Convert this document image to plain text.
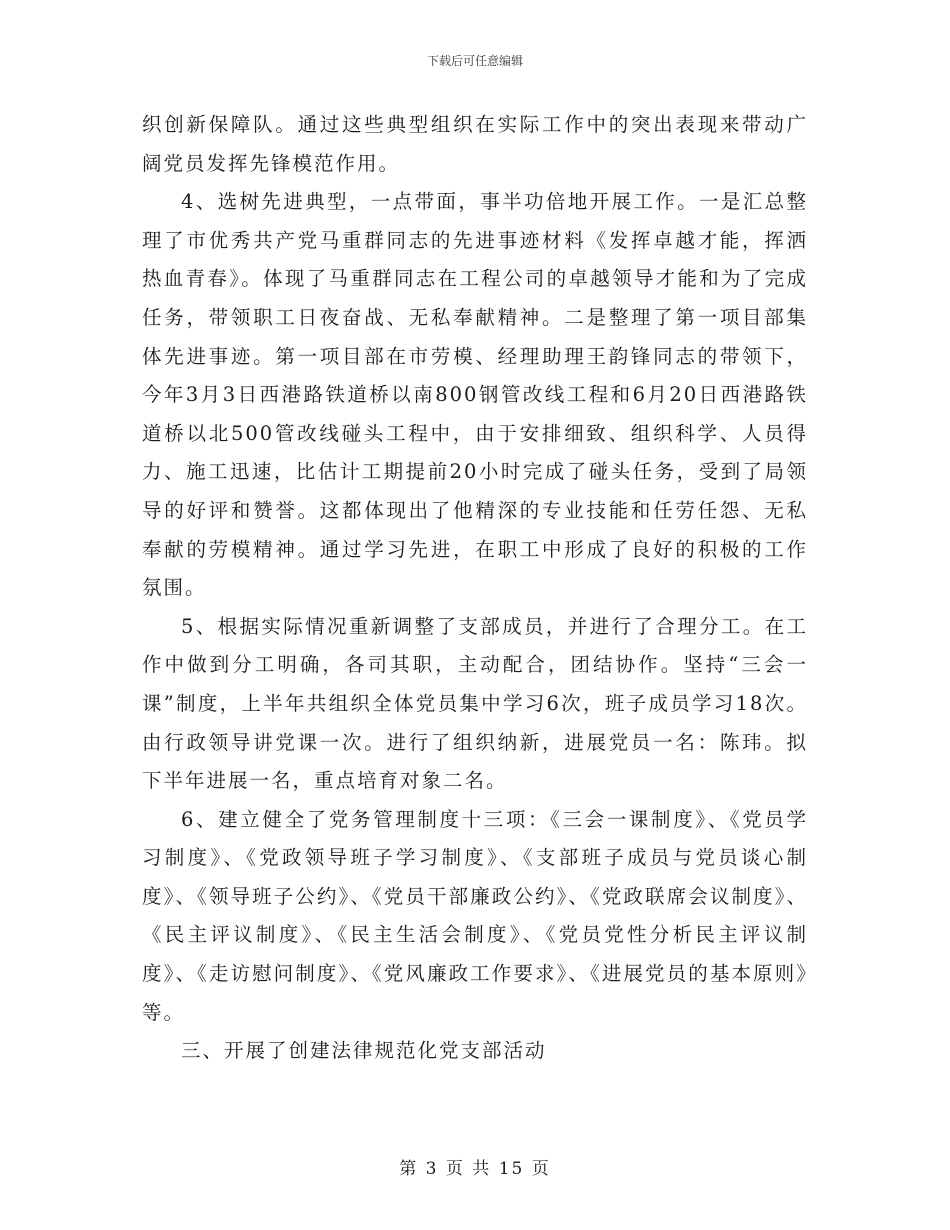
下载后可任意编辑

织创新保障队。通过这些典型组织在实际工作中的突出表现来带动广阔党员发挥先锋模范作用。

4、选树先进典型，一点带面，事半功倍地开展工作。一是汇总整理了市优秀共产党马重群同志的先进事迹材料《发挥卓越才能，挥洒热血青春》。体现了马重群同志在工程公司的卓越领导才能和为了完成任务，带领职工日夜奋战、无私奉献精神。二是整理了第一项目部集体先进事迹。第一项目部在市劳模、经理助理王韵锋同志的带领下，今年3月3日西港路铁道桥以南800钢管改线工程和6月20日西港路铁道桥以北500管改线碰头工程中，由于安排细致、组织科学、人员得力、施工迅速，比估计工期提前20小时完成了碰头任务，受到了局领导的好评和赞誉。这都体现出了他精深的专业技能和任劳任怨、无私奉献的劳模精神。通过学习先进，在职工中形成了良好的积极的工作氛围。

5、根据实际情况重新调整了支部成员，并进行了合理分工。在工作中做到分工明确，各司其职，主动配合，团结协作。坚持“三会一课”制度，上半年共组织全体党员集中学习6次，班子成员学习18次。由行政领导讲党课一次。进行了组织纳新，进展党员一名：陈玮。拟下半年进展一名，重点培育对象二名。

6、建立健全了党务管理制度十三项：《三会一课制度》、《党员学习制度》、《党政领导班子学习制度》、《支部班子成员与党员谈心制度》、《领导班子公约》、《党员干部廉政公约》、《党政联席会议制度》、《民主评议制度》、《民主生活会制度》、《党员党性分析民主评议制度》、《走访慰问制度》、《党风廉政工作要求》、《进展党员的基本原则》等。

三、开展了创建法律规范化党支部活动

第 3 页 共 15 页
